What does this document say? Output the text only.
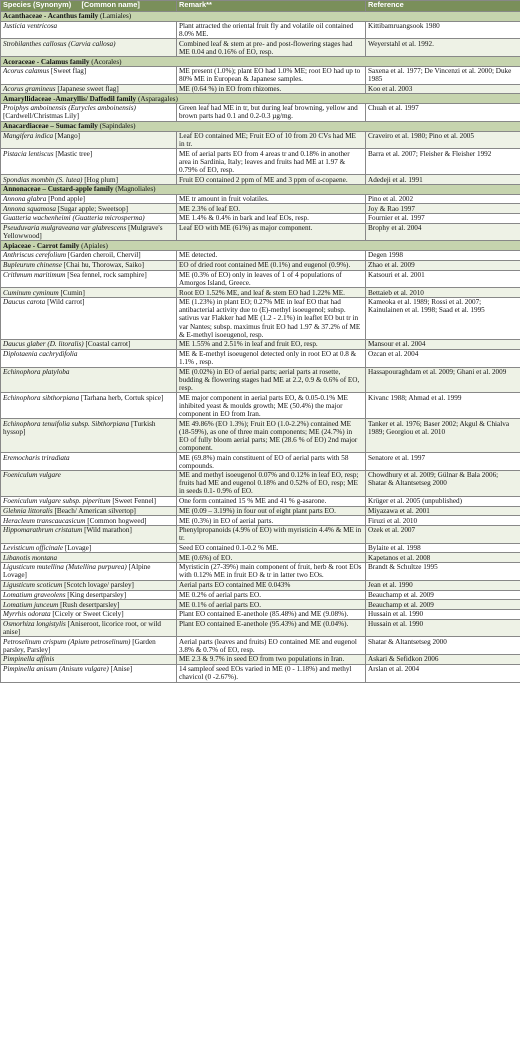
Species (Synonym) [Common name]	Remark**	Reference
Acanthaceae - Acanthus family (Lamiales)		
Justicia ventricosa	Plant attracted the oriental fruit fly and volatile oil contained 8.0% ME.	Kittibamruangsook 1980
Strobilanthes callosus (Carvia callosa)	Combined leaf & stem at pre- and post-flowering stages had ME 0.04 and 0.16% of EO, resp.	Weyerstahl et al. 1992.
Acoraceae - Calamus family (Acorales)		
Acorus calamus [Sweet flag]	ME present (1.0%); plant EO had 1.0% ME; root EO had up to 80% ME in European & Japanese samples.	Saxena et al. 1977; De Vincenzi et al. 2000; Duke 1985
Acorus gramineus [Japanese sweet flag]	ME (0.64 %) in EO from rhizomes.	Koo et al. 2003
Amaryllidaceae -Amaryllis/ Daffodil family (Asparagales)		
Proiphys amboinensis (Eurycles amboinensis) [Cardwell/Christmas Lily]	Green leaf had ME in tr, but during leaf browning, yellow and brown parts had 0.1 and 0.2-0.3 µg/mg.	Chuah et al. 1997
Anacardiaceae – Sumac family (Sapindales)		
Mangifera indica [Mango]	Leaf EO contained ME; Fruit EO of 10 from 20 CVs had ME in tr.	Craveiro et al. 1980; Pino et al. 2005
Pistacia lentiscus [Mastic tree]	ME of aerial parts EO from 4 areas tr and 0.18% in another area in Sardinia, Italy; leaves and fruits had ME at 1.97 & 0.79% of EO, resp.	Barra et al. 2007; Fleisher & Fleisher 1992
Spondias mombin (S. lutea) [Hog plum]	Fruit EO contained 2 ppm of ME and 3 ppm of α-copaene.	Adedeji et al. 1991
Annonaceae – Custard-apple family (Magnoliales)		
Annona glabra [Pond apple]	ME tr amount in fruit volatiles.	Pino et al. 2002
Annona squamosa [Sugar apple; Sweetsop]	ME 2.3% of leaf EO.	Joy & Rao 1997
Guatteria wachenheimi (Guatteria microsperma)	ME 1.4% & 0.4% in bark and leaf EOs, resp.	Fournier et al. 1997
Pseuduvaria mulgraveana var glabrescens [Mulgrave's Yellowwood]	Leaf EO with ME (61%) as major component.	Brophy et al. 2004
Apiaceae - Carrot family (Apiales)		
Anthriscus cerefolium [Garden cheroil, Chervil]	ME detected.	Degen 1998
Bupleurum chinense [Chai hu, Thorowax, Saiko]	EO of dried root contained ME (0.1%) and eugenol (0.9%).	Zhao et al. 2009
Crithmum maritimum [Sea fennel, rock samphire]	ME (0.3% of EO) only in leaves of 1 of 4 populations of Amorgos Island, Greece.	Katsouri et al. 2001
Cuminum cyminum [Cumin]	Root EO 1.52% ME, and leaf & stem EO had 1.22% ME.	Bettaieb et al. 2010
Daucus carota [Wild carrot]	ME (1.23%) in plant EO; 0.27% ME in leaf EO that had antibacterial activity due to (E)-methyl isoeugenol; subsp. sativus var Flakker had ME (1.2 - 2.1%) in leaflet EO but tr in var Nantes; subsp. maximus fruit EO had 1.97 & 37.2% of ME & E-methyl isoeugenol, resp.	Kameoka et al. 1989; Rossi et al. 2007; Kainulainen et al. 1998; Saad et al. 1995
Daucus glaber (D. litoralis) [Coastal carrot]	ME 1.55% and 2.51% in leaf and fruit EO, resp.	Mansour et al. 2004
Diplotaenia cachrydifolia	ME & E-methyl isoeugenol detected only in root EO at 0.8 & 1.1% , resp.	Ozcan et al. 2004
Echinophora platyloba	ME (0.02%) in EO of aerial parts; aerial parts at rosette, budding & flowering stages had ME at 2.2, 0.9 & 0.6% of EO, resp.	Hassapouraghdam et al. 2009; Ghani et al. 2009
Echinophora sibthorpiana [Tarhana herb, Cortuk spice]	ME major component in aerial parts EO, & 0.05-0.1% ME inhibited yeast & moulds growth; ME (50.4%) the major component in EO from Iran.	Kivanc 1988; Ahmad et al. 1999
Echinophora tenuifolia subsp. Sibthorpiana [Turkish hyssop]	ME 49.86% (EO 1.3%); Fruit EO (1.0-2.2%) contained ME (18-59%), as one of three main components; ME (24.7%) in EO of fully bloom aerial parts; ME (28.6 % of EO) 2nd major component.	Tanker et al. 1976; Baser 2002; Akgul & Chialva 1989; Georgiou et al. 2010
Eremocharis triradiata	ME (69.8%) main constituent of EO of aerial parts with 58 compounds.	Senatore et al. 1997
Foeniculum vulgare	ME and methyl isoeugenol 0.07% and 0.12% in leaf EO, resp; fruits had ME and eugenol 0.18% and 0.52% of EO, resp; ME in seeds 0.1- 0.9% of EO.	Chowdhury et al. 2009; Gülnar & Bala 2006; Shatar & Altantsetseg 2000
Foeniculum vulgare subsp. piperitum [Sweet Fennel]	One form contained 15 % ME and 41 % g-asarone.	Krüger et al. 2005 (unpublished)
Glehnia littoralis [Beach/ American silvertop]	ME (0.09 – 3.19%) in four out of eight plant parts EO.	Miyazawa et al. 2001
Heracleum transcaucasicum [Common hogweed]	ME (0.3%) in EO of aerial parts.	Firuzi et al. 2010
Hippomarathrum cristatum [Wild marathon]	Phenylpropanoids (4.9% of EO) with myristicin 4.4% & ME in tr.	Ozek et al. 2007
Levisticum officinale [Lovage]	Seed EO contained 0.1-0.2 % ME.	Bylaite et al. 1998
Libanotis montana	ME (0.6%) of EO.	Kapetanos et al. 2008
Ligusticum mutellina (Mutellina purpurea) [Alpine Lovage]	Myristicin (27-39%) main component of fruit, herb & root EOs with 0.12% ME in fruit EO & tr in latter two EOs.	Brandt & Schultze 1995
Ligusticum scoticum [Scotch lovage/ parsley]	Aerial parts EO contained ME 0.043%	Jean et al. 1990
Lomatium graveolens [King desertparsley]	ME 0.2% of aerial parts EO.	Beauchamp et al. 2009
Lomatium junceum [Rush desertparsley]	ME 0.1% of aerial parts EO.	Beauchamp et al. 2009
Myrrhis odorata [Cicely or Sweet Cicely]	Plant EO contained E-anethole (85.48%) and ME (9.08%).	Hussain et al. 1990
Osmorhiza longistylis [Aniseroot, licorice root, or wild anise]	Plant EO contained E-anethole (95.43%) and ME (0.04%).	Hussain et al. 1990
Petroselinum crispum (Apium petroselinum) [Garden parsley, Parsley]	Aerial parts (leaves and fruits) EO contained ME and eugenol 3.8% & 0.7% of EO, resp.	Shatar & Altantsetseg 2000
Pimpinella affinis	ME 2.3 & 9.7% in seed EO from two populations in Iran.	Askari & Sefidkon 2006
Pimpinella anisum (Anisum vulgare) [Anise]	14 sampleof seed EOs varied in ME (0 - 1.18%) and methyl chavicol (0 -2.67%).	Arslan et al. 2004
